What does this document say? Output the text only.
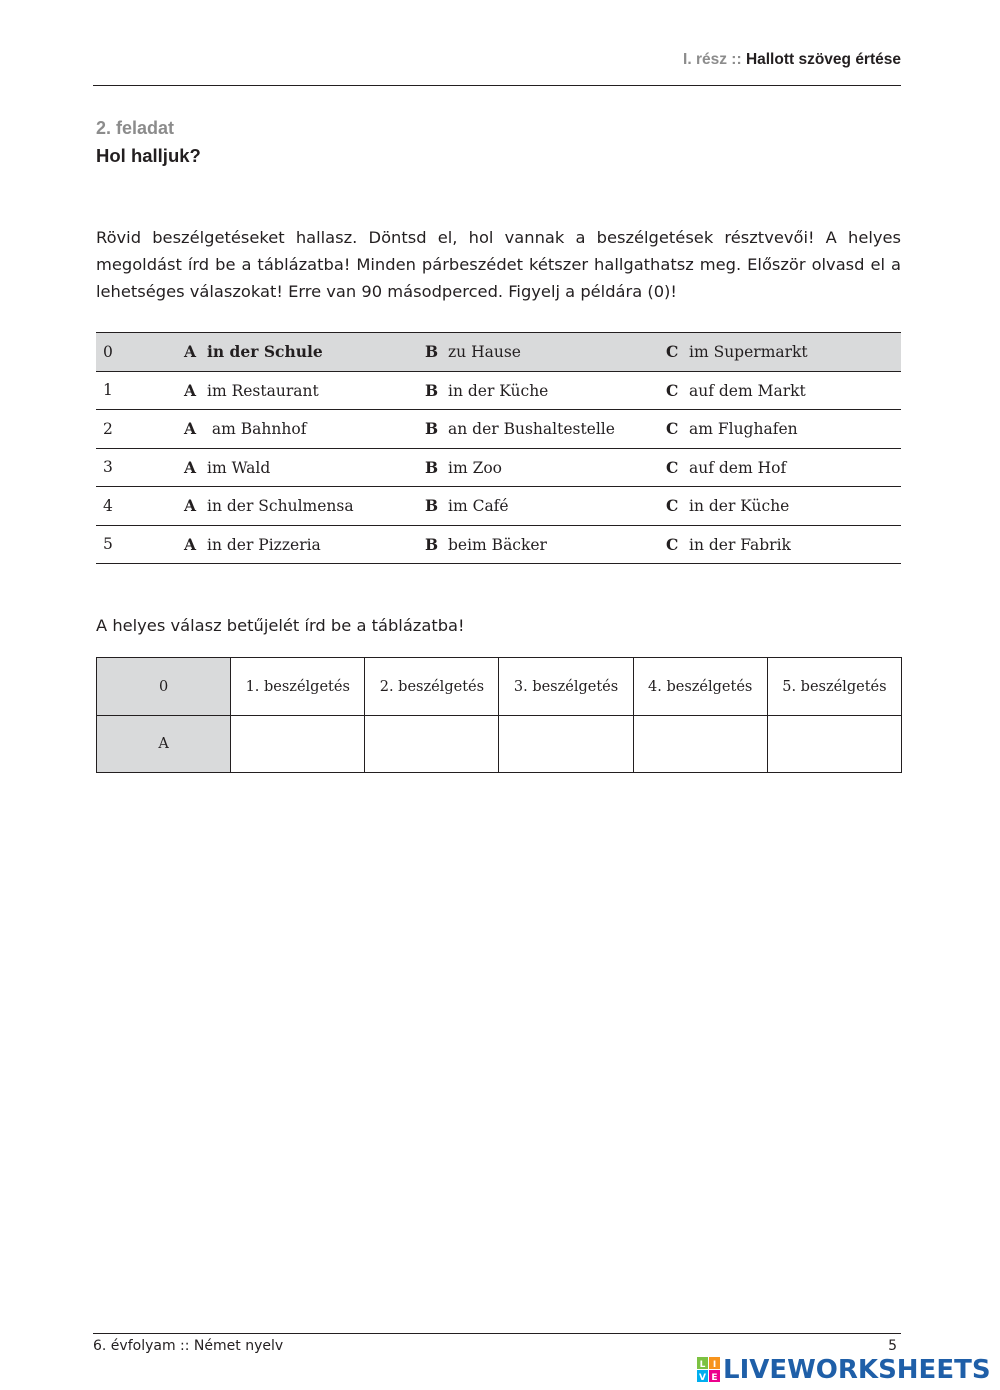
I. rész :: Hallott szöveg értése
2. feladat
Hol halljuk?

Rövid beszélgetéseket hallasz. Döntsd el, hol vannak a beszélgetések résztvevői! A helyes megoldást írd be a táblázatba! Minden párbeszédet kétszer hallgathatsz meg. Először olvasd el a lehetséges válaszokat! Erre van 90 másodperced. Figyelj a példára (0)!

0	A in der Schule	B zu Hause	C im Supermarkt
1	A im Restaurant	B in der Küche	C auf dem Markt
2	A am Bahnhof	B an der Bushaltestelle	C am Flughafen
3	A im Wald	B im Zoo	C auf dem Hof
4	A in der Schulmensa	B im Café	C in der Küche
5	A in der Pizzeria	B beim Bäcker	C in der Fabrik
A helyes válasz betűjelét írd be a táblázatba!
0	1. beszélgetés	2. beszélgetés	3. beszélgetés	4. beszélgetés	5. beszélgetés
A					
6. évfolyam :: Német nyelv	5
L I
V E LIVEWORKSHEETS
